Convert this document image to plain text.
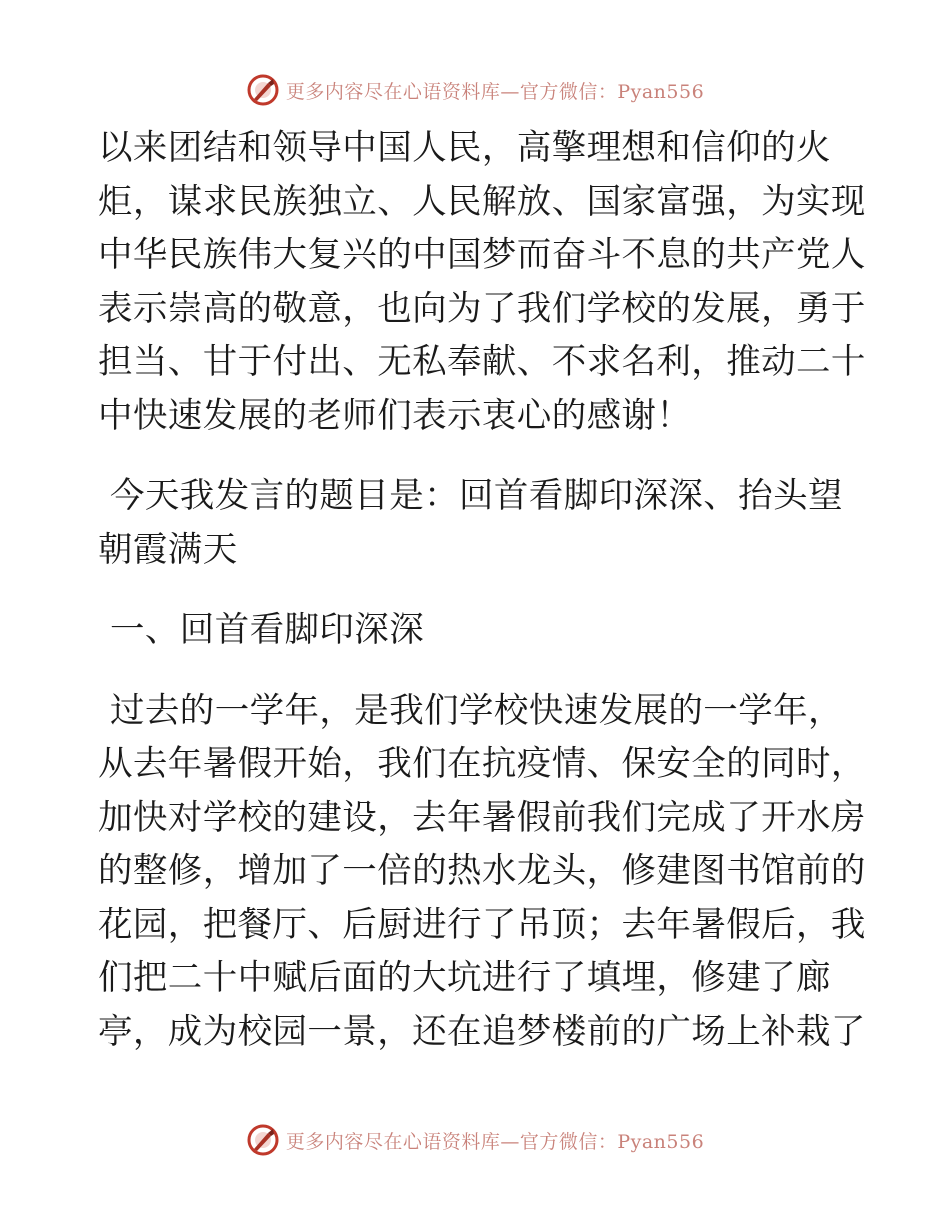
更多内容尽在心语资料库—官方微信：Pyan556
以来团结和领导中国人民，高擎理想和信仰的火
炬，谋求民族独立、人民解放、国家富强，为实现
中华民族伟大复兴的中国梦而奋斗不息的共产党人
表示崇高的敬意，也向为了我们学校的发展，勇于
担当、甘于付出、无私奉献、不求名利，推动二十
中快速发展的老师们表示衷心的感谢！
今天我发言的题目是：回首看脚印深深、抬头望
朝霞满天
一、回首看脚印深深
过去的一学年，是我们学校快速发展的一学年，
从去年暑假开始，我们在抗疫情、保安全的同时，
加快对学校的建设，去年暑假前我们完成了开水房
的整修，增加了一倍的热水龙头，修建图书馆前的
花园，把餐厅、后厨进行了吊顶；去年暑假后，我
们把二十中赋后面的大坑进行了填埋，修建了廊
亭，成为校园一景，还在追梦楼前的广场上补栽了
更多内容尽在心语资料库—官方微信：Pyan556
